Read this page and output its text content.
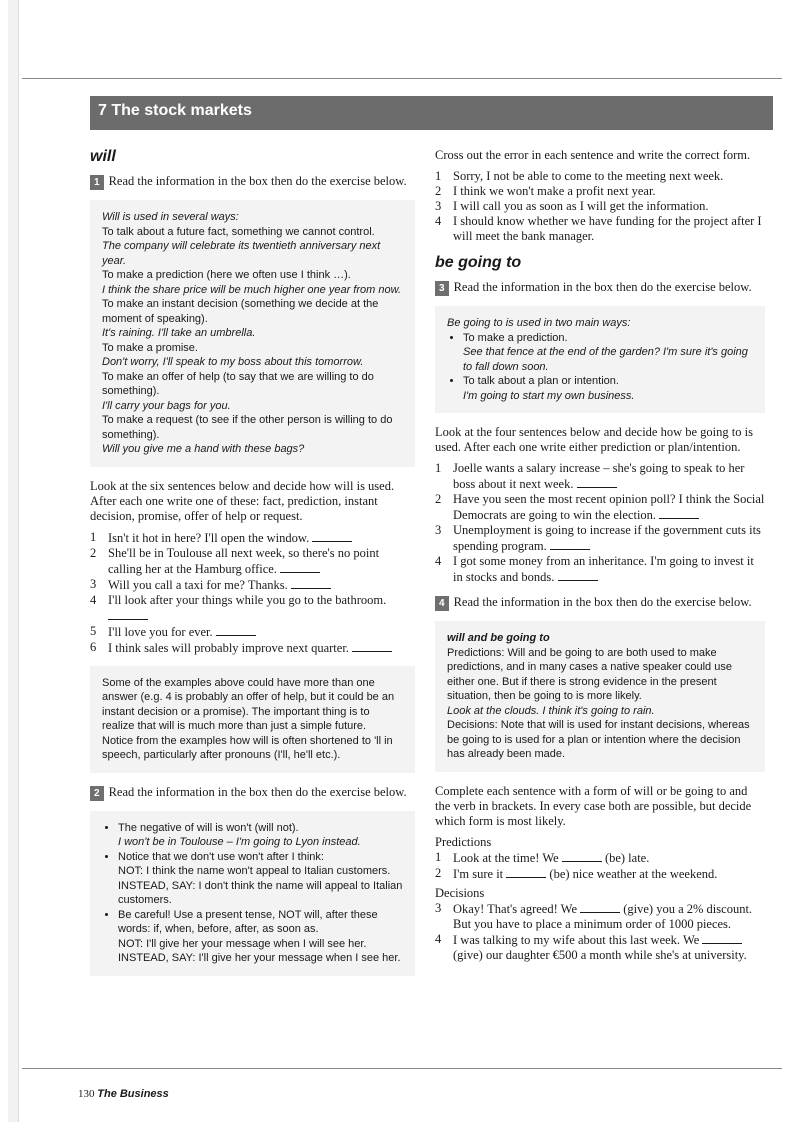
7 The stock markets
will

1 Read the information in the box then do the exercise below.

Will is used in several ways:

To talk about a future fact, something we cannot control.

The company will celebrate its twentieth anniversary next year.

To make a prediction (here we often use I think …).

I think the share price will be much higher one year from now.

To make an instant decision (something we decide at the moment of speaking).

It's raining. I'll take an umbrella.

To make a promise.

Don't worry, I'll speak to my boss about this tomorrow.

To make an offer of help (to say that we are willing to do something).

I'll carry your bags for you.

To make a request (to see if the other person is willing to do something).

Will you give me a hand with these bags?

Look at the six sentences below and decide how will is used. After each one write one of these: fact, prediction, instant decision, promise, offer of help or request.

1 Isn't it hot in here? I'll open the window.
2 She'll be in Toulouse all next week, so there's no point calling her at the Hamburg office.
3 Will you call a taxi for me? Thanks.
4 I'll look after your things while you go to the bathroom.
5 I'll love you for ever.
6 I think sales will probably improve next quarter.

Some of the examples above could have more than one answer (e.g. 4 is probably an offer of help, but it could be an instant decision or a promise). The important thing is to realize that will is much more than just a simple future.

Notice from the examples how will is often shortened to 'll in speech, particularly after pronouns (I'll, he'll etc.).

2 Read the information in the box then do the exercise below.

• The negative of will is won't (will not).
I won't be in Toulouse – I'm going to Lyon instead.
• Notice that we don't use won't after I think:
NOT: I think the name won't appeal to Italian customers.
INSTEAD, SAY: I don't think the name will appeal to Italian customers.
• Be careful! Use a present tense, NOT will, after these words: if, when, before, after, as soon as.
NOT: I'll give her your message when I will see her.
INSTEAD, SAY: I'll give her your message when I see her.

Cross out the error in each sentence and write the correct form.

1 Sorry, I not be able to come to the meeting next week.
2 I think we won't make a profit next year.
3 I will call you as soon as I will get the information.
4 I should know whether we have funding for the project after I will meet the bank manager.
be going to

3 Read the information in the box then do the exercise below.

Be going to is used in two main ways:

• To make a prediction.
See that fence at the end of the garden? I'm sure it's going to fall down soon.
• To talk about a plan or intention.
I'm going to start my own business.

Look at the four sentences below and decide how be going to is used. After each one write either prediction or plan/intention.

1 Joelle wants a salary increase – she's going to speak to her boss about it next week.
2 Have you seen the most recent opinion poll? I think the Social Democrats are going to win the election.
3 Unemployment is going to increase if the government cuts its spending program.
4 I got some money from an inheritance. I'm going to invest it in stocks and bonds.

4 Read the information in the box then do the exercise below.

will and be going to

Predictions: Will and be going to are both used to make predictions, and in many cases a native speaker could use either one. But if there is strong evidence in the present situation, then be going to is more likely.

Look at the clouds. I think it's going to rain.

Decisions: Note that will is used for instant decisions, whereas be going to is used for a plan or intention where the decision has already been made.

Complete each sentence with a form of will or be going to and the verb in brackets. In every case both are possible, but decide which form is most likely.

Predictions

1 Look at the time! We	(be) late.
2 I'm sure it	(be) nice weather at the weekend.

Decisions

3 Okay! That's agreed! We	(give) you a 2% discount. But you have to place a minimum order of 1000 pieces.
4 I was talking to my wife about this last week. We  (give) our daughter €500 a month while she's at university.
130 The Business
